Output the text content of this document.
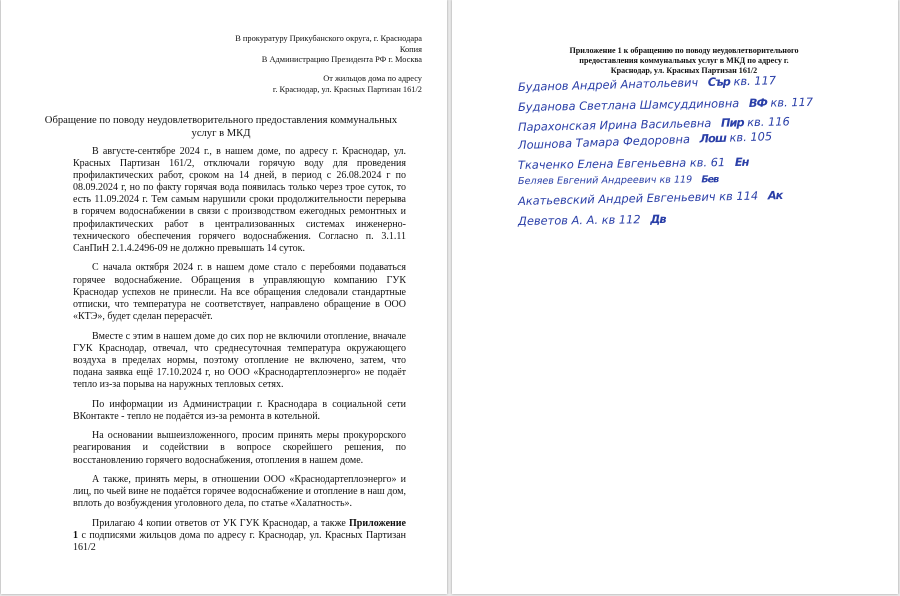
В прокуратуру Прикубанского округа, г. Краснодара
Копия
В Администрацию Президента РФ г. Москва
От жильцов дома по адресу
г. Краснодар, ул. Красных Партизан 161/2
Обращение по поводу неудовлетворительного предоставления коммунальных
услуг в МКД

В августе-сентябре 2024 г., в нашем доме, по адресу г. Краснодар, ул. Красных Партизан 161/2, отключали горячую воду для проведения профилактических работ, сроком на 14 дней, в период с 26.08.2024 г по 08.09.2024 г, но по факту горячая вода появилась только через трое суток, то есть 11.09.2024 г. Тем самым нарушили сроки продолжительности перерыва в горячем водоснабжении в связи с производством ежегодных ремонтных и профилактических работ в централизованных системах инженерно-технического обеспечения горячего водоснабжения. Согласно п. 3.1.11 СанПиН 2.1.4.2496-09 не должно превышать 14 суток.

С начала октября 2024 г. в нашем доме стало с перебоями подаваться горячее водоснабжение. Обращения в управляющую компанию ГУК Краснодар успехов не принесли. На все обращения следовали стандартные отписки, что температура не соответствует, направлено обращение в ООО «КТЭ», будет сделан перерасчёт.

Вместе с этим в нашем доме до сих пор не включили отопление, вначале ГУК Краснодар, отвечал, что среднесуточная температура окружающего воздуха в пределах нормы, поэтому отопление не включено, затем, что подана заявка ещё 17.10.2024 г, но ООО «Краснодартеплоэнерго» не подаёт тепло из-за порыва на наружных тепловых сетях.

По информации из Администрации г. Краснодара в социальной сети ВКонтакте - тепло не подаётся из-за ремонта в котельной.

На основании вышеизложенного, просим принять меры прокурорского реагирования и содействии в вопросе скорейшего решения, по восстановлению горячего водоснабжения, отопления в нашем доме.

А также, принять меры, в отношении ООО «Краснодартеплоэнерго» и лиц, по чьей вине не подаётся горячее водоснабжение и отопление в наш дом, вплоть до возбуждения уголовного дела, по статье «Халатность».

Прилагаю 4 копии ответов от УК ГУК Краснодар, а также Приложение 1 с подписями жильцов дома по адресу г. Краснодар, ул. Красных Партизан 161/2

Приложение 1 к обращению по поводу неудовлетворительного предоставления коммунальных услуг в МКД по адресу г. Краснодар, ул. Красных Партизан 161/2
Буданов Андрей Анатольевич Сър кв. 117
Буданова Светлана Шамсуддиновна ВФ кв. 117
Парахонская Ирина Васильевна Пир кв. 116
Лошнова Тамара Федоровна Лош кв. 105
Ткаченко Елена Евгеньевна кв. 61 Ен
Беляев Евгений Андреевич кв 119 Бев
Акатьевский Андрей Евгеньевич кв 114 Ак
Деветов А. А. кв 112 Дв
